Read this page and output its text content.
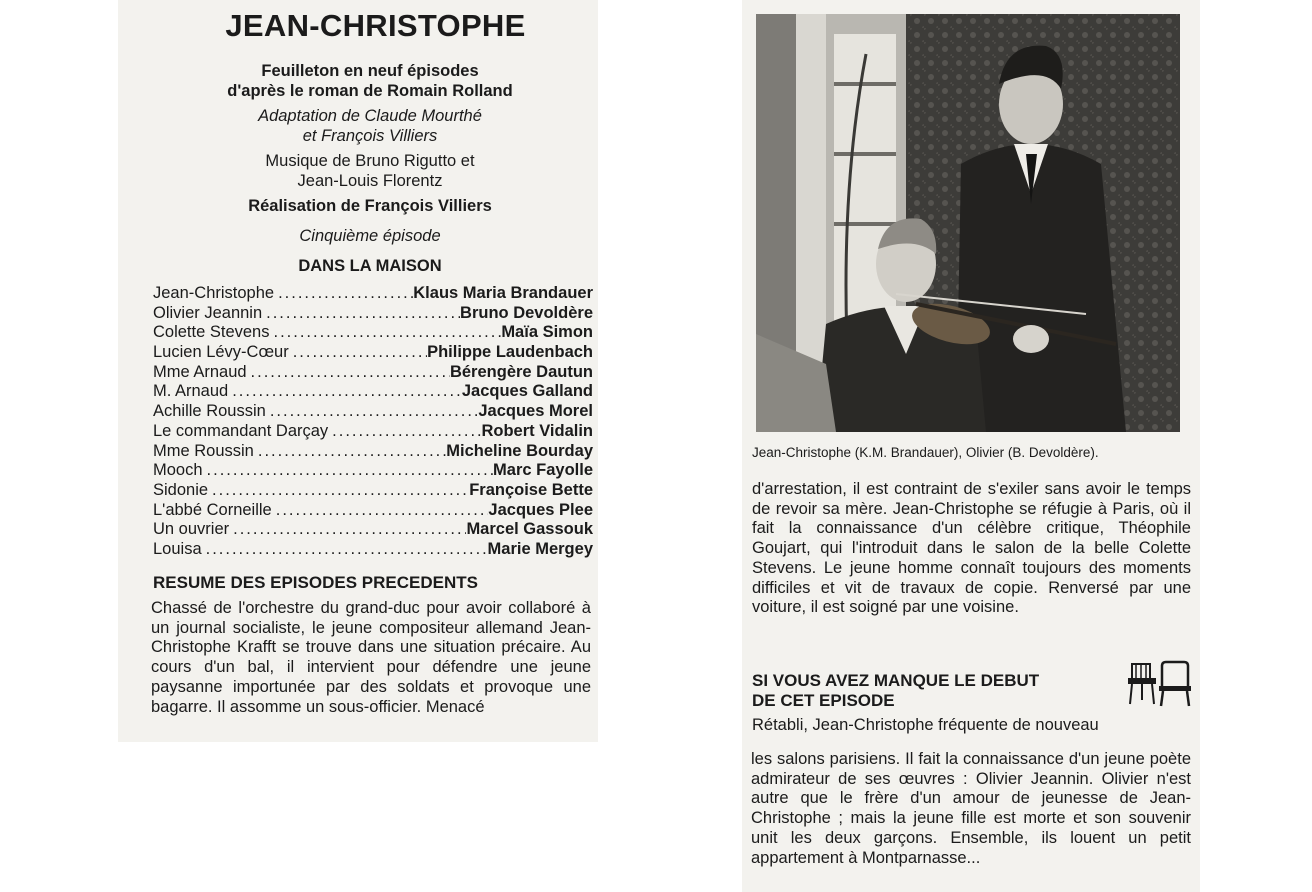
JEAN-CHRISTOPHE
Feuilleton en neuf épisodes
d'après le roman de Romain Rolland
Adaptation de Claude Mourthé
et François Villiers
Musique de Bruno Rigutto et
Jean-Louis Florentz
Réalisation de François Villiers
Cinquième épisode
DANS LA MAISON
Jean-Christophe .....	Klaus Maria Brandauer
Olivier Jeannin .....	Bruno Devoldère
Colette Stevens .....	Maïa Simon
Lucien Lévy-Cœur .....	Philippe Laudenbach
Mme Arnaud .....	Bérengère Dautun
M. Arnaud .....	Jacques Galland
Achille Roussin .....	Jacques Morel
Le commandant Darçay .....	Robert Vidalin
Mme Roussin .....	Micheline Bourday
Mooch .....	Marc Fayolle
Sidonie .....	Françoise Bette
L'abbé Corneille .....	Jacques Plee
Un ouvrier .....	Marcel Gassouk
Louisa .....	Marie Mergey
RESUME DES EPISODES PRECEDENTS
Chassé de l'orchestre du grand-duc pour avoir collaboré à un journal socialiste, le jeune compositeur allemand Jean-Christophe Krafft se trouve dans une situation précaire. Au cours d'un bal, il intervient pour défendre une jeune paysanne importunée par des soldats et provoque une bagarre. Il assomme un sous-officier. Menacé
Jean-Christophe (K.M. Brandauer), Olivier (B. Devoldère).
d'arrestation, il est contraint de s'exiler sans avoir le temps de revoir sa mère. Jean-Christophe se réfugie à Paris, où il fait la connaissance d'un célèbre critique, Théophile Goujart, qui l'introduit dans le salon de la belle Colette Stevens. Le jeune homme connaît toujours des moments difficiles et vit de travaux de copie. Renversé par une voiture, il est soigné par une voisine.
SI VOUS AVEZ MANQUE LE DEBUT
DE CET EPISODE
Rétabli, Jean-Christophe fréquente de nouveau
les salons parisiens. Il fait la connaissance d'un jeune poète admirateur de ses œuvres : Olivier Jeannin. Olivier n'est autre que le frère d'un amour de jeunesse de Jean-Christophe ; mais la jeune fille est morte et son souvenir unit les deux garçons. Ensemble, ils louent un petit appartement à Montparnasse...
